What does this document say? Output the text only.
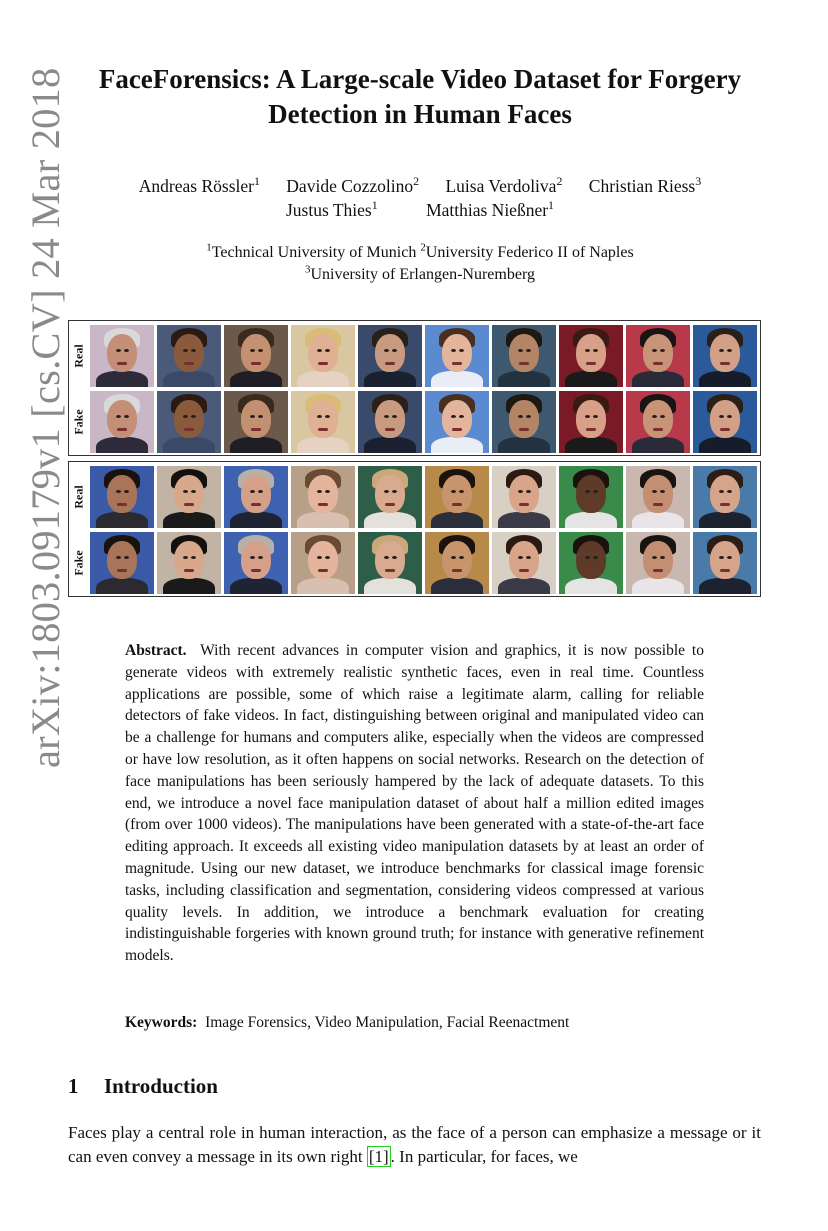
arXiv:1803.09179v1 [cs.CV] 24 Mar 2018	FaceForensics: A Large-scale Video Dataset for Forgery
Detection in Human Faces
Andreas Rössler$^1$ Davide Cozzolino$^2$ Luisa Verdoliva$^2$ Christian Riess$^3$
Justus Thies$^1$	Matthias Nießner$^1$
$^1$Technical University of Munich $^2$University Federico II of Naples
$^3$University of Erlangen-Nuremberg
Real
Fake
Real
Fake
Abstract. With recent advances in computer vision and graphics, it is now possible to generate videos with extremely realistic synthetic faces, even in real time. Countless applications are possible, some of which raise a legitimate alarm, calling for reliable detectors of fake videos. In fact, distinguishing between original and manipulated video can be a challenge for humans and computers alike, especially when the videos are compressed or have low resolution, as it often happens on social networks. Research on the detection of face manipulations has been seriously hampered by the lack of adequate datasets. To this end, we introduce a novel face manipulation dataset of about half a million edited images (from over 1000 videos). The manipulations have been generated with a state-of-the-art face editing approach. It exceeds all existing video manipulation datasets by at least an order of magnitude. Using our new dataset, we introduce benchmarks for classical image forensic tasks, including classification and segmentation, considering videos compressed at various quality levels. In addition, we introduce a benchmark evaluation for creating indistinguishable forgeries with known ground truth; for instance with generative refinement models.
Keywords: Image Forensics, Video Manipulation, Facial Reenactment
1 Introduction
Faces play a central role in human interaction, as the face of a person can emphasize a message or it can even convey a message in its own right [1] . In particular, for faces, we
